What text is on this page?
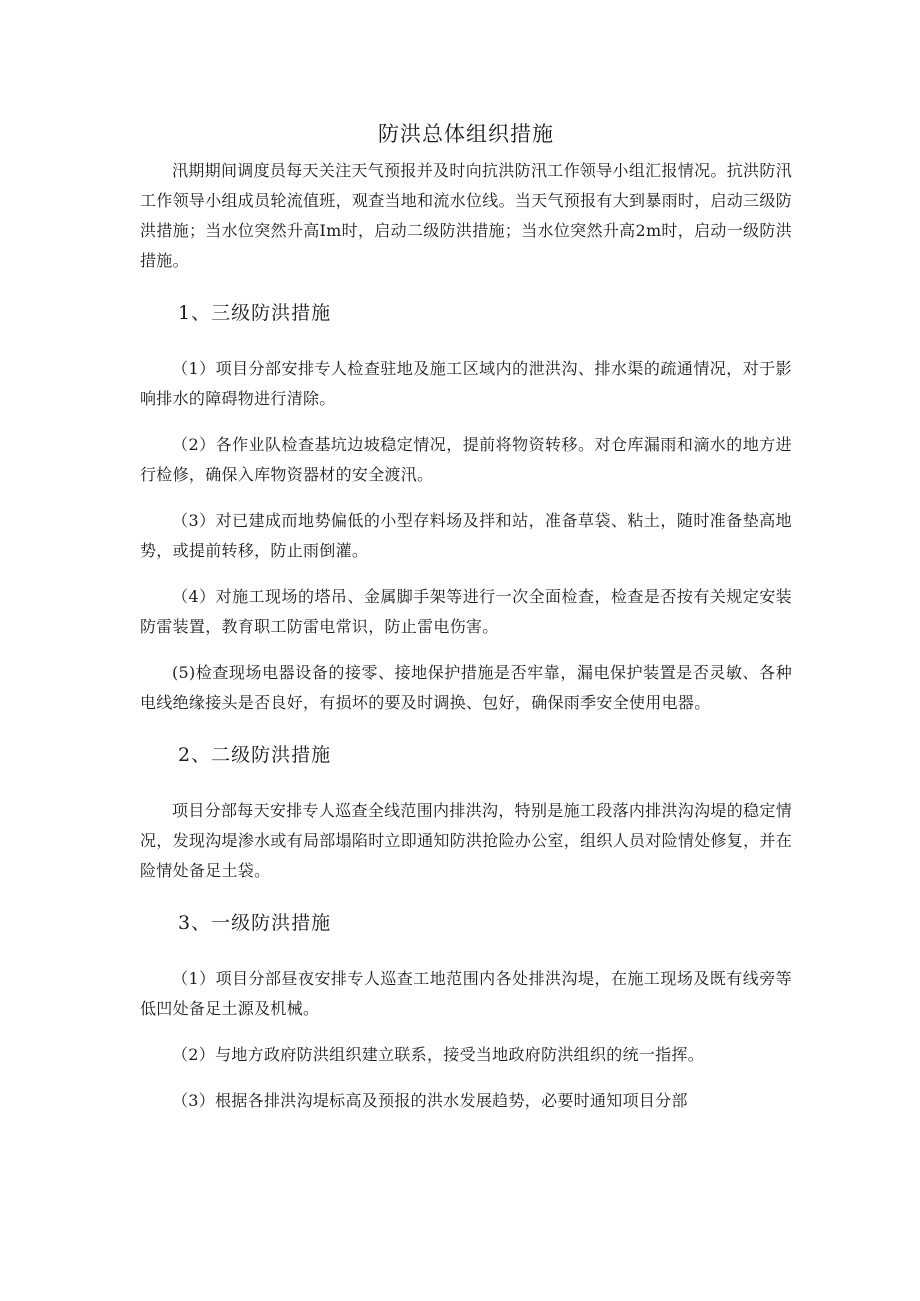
防洪总体组织措施

汛期期间调度员每天关注天气预报并及时向抗洪防汛工作领导小组汇报情况。抗洪防汛工作领导小组成员轮流值班，观查当地和流水位线。当天气预报有大到暴雨时，启动三级防洪措施；当水位突然升高Im时，启动二级防洪措施；当水位突然升高2m时，启动一级防洪措施。

1、三级防洪措施

（1）项目分部安排专人检查驻地及施工区域内的泄洪沟、排水渠的疏通情况，对于影响排水的障碍物进行清除。

（2）各作业队检查基坑边坡稳定情况，提前将物资转移。对仓库漏雨和滴水的地方进行检修，确保入库物资器材的安全渡汛。

（3）对已建成而地势偏低的小型存料场及拌和站，准备草袋、粘土，随时准备垫高地势，或提前转移，防止雨倒灌。

（4）对施工现场的塔吊、金属脚手架等进行一次全面检查，检查是否按有关规定安装防雷装置，教育职工防雷电常识，防止雷电伤害。

(5)检查现场电器设备的接零、接地保护措施是否牢靠，漏电保护装置是否灵敏、各种电线绝缘接头是否良好，有损坏的要及时调换、包好，确保雨季安全使用电器。

2、二级防洪措施

项目分部每天安排专人巡查全线范围内排洪沟，特别是施工段落内排洪沟沟堤的稳定情况，发现沟堤渗水或有局部塌陷时立即通知防洪抢险办公室，组织人员对险情处修复，并在险情处备足土袋。

3、一级防洪措施

（1）项目分部昼夜安排专人巡查工地范围内各处排洪沟堤，在施工现场及既有线旁等低凹处备足土源及机械。

（2）与地方政府防洪组织建立联系，接受当地政府防洪组织的统一指挥。

（3）根据各排洪沟堤标高及预报的洪水发展趋势，必要时通知项目分部
